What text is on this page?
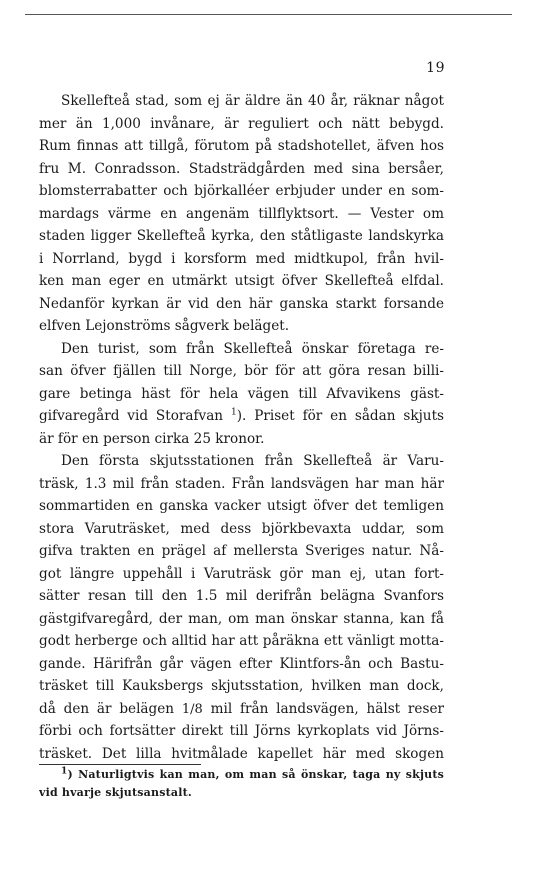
19
Skellefteå stad, som ej är äldre än 40 år, räknar något
mer än 1,000 invånare, är reguliert och nätt bebygd.
Rum finnas att tillgå, förutom på stadshotellet, äfven hos
fru M. Conradsson. Stadsträdgården med sina bersåer,
blomsterrabatter och björkalléer erbjuder under en som-
mardags värme en angenäm tillflyktsort. — Vester om
staden ligger Skellefteå kyrka, den ståtligaste landskyrka
i Norrland, bygd i korsform med midtkupol, från hvil-
ken man eger en utmärkt utsigt öfver Skellefteå elfdal.
Nedanför kyrkan är vid den här ganska starkt forsande
elfven Lejonströms sågverk beläget.
Den turist, som från Skellefteå önskar företaga re-
san öfver fjällen till Norge, bör för att göra resan billi-
gare betinga häst för hela vägen till Afvavikens gäst-
gifvaregård vid Storafvan $^1$). Priset för en sådan skjuts
är för en person cirka 25 kronor.
Den första skjutsstationen från Skellefteå är Varu-
träsk, 1.3 mil från staden. Från landsvägen har man här
sommartiden en ganska vacker utsigt öfver det temligen
stora Varuträsket, med dess björkbevaxta uddar, som
gifva trakten en prägel af mellersta Sveriges natur. Nå-
got längre uppehåll i Varuträsk gör man ej, utan fort-
sätter resan till den 1.5 mil derifrån belägna Svanfors
gästgifvaregård, der man, om man önskar stanna, kan få
godt herberge och alltid har att påräkna ett vänligt motta-
gande. Härifrån går vägen efter Klintfors-ån och Bastu-
träsket till Kauksbergs skjutsstation, hvilken man dock,
då den är belägen 1/8 mil från landsvägen, hälst reser
förbi och fortsätter direkt till Jörns kyrkoplats vid Jörns-
träsket. Det lilla hvitmålade kapellet här med skogen
$^1$) Naturligtvis kan man, om man så önskar, taga ny skjuts
vid hvarje skjutsanstalt.
